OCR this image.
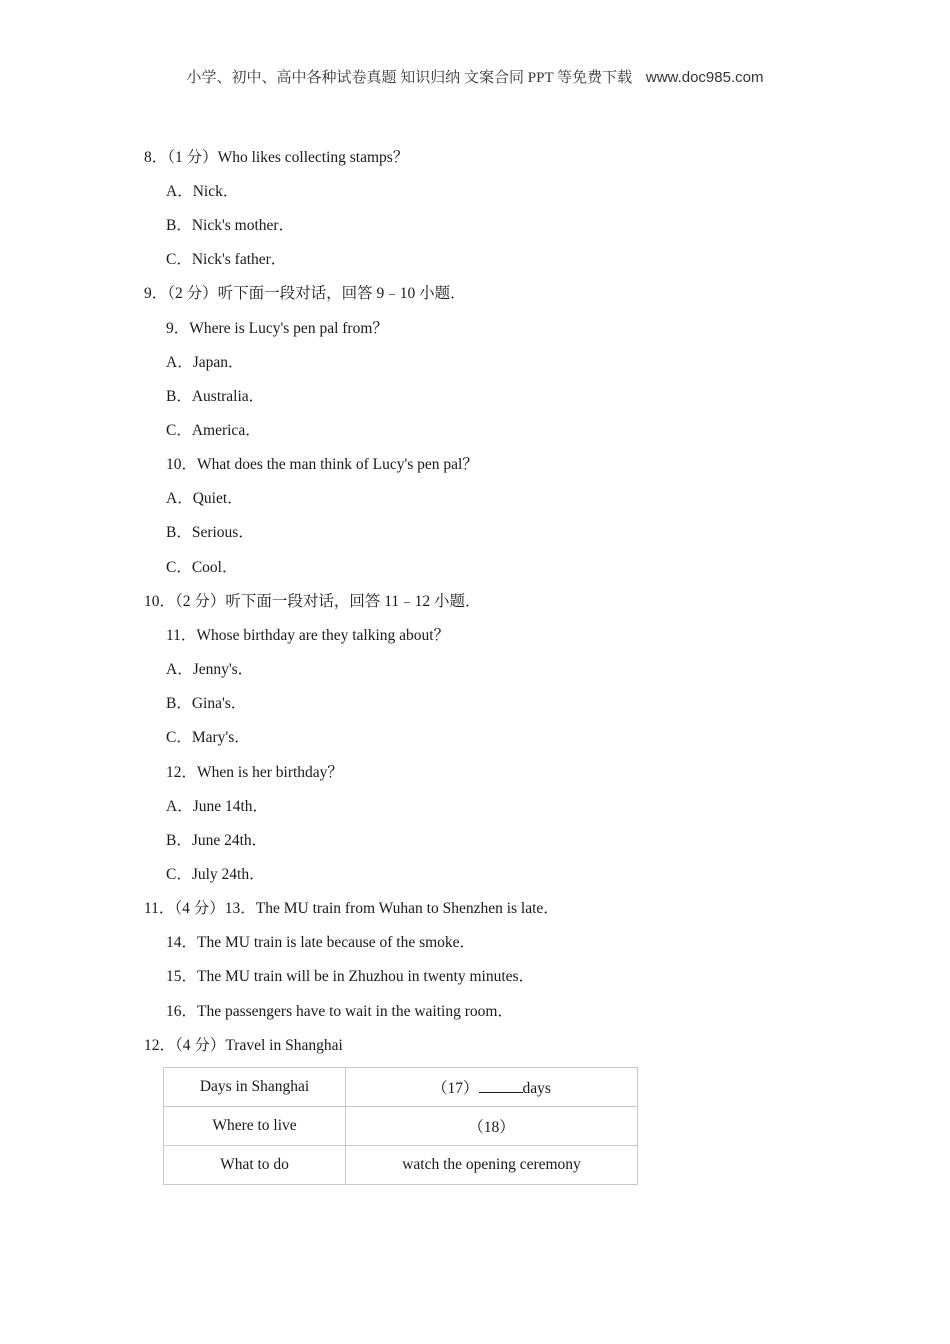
小学、初中、高中各种试卷真题 知识归纳 文案合同 PPT 等免费下载 www.doc985.com
8．（1 分）Who likes collecting stamps？
A．Nick．
B．Nick's mother．
C．Nick's father．
9．（2 分）听下面一段对话，回答 9﹣10 小题．
9．Where is Lucy's pen pal from？
A．Japan．
B．Australia．
C．America．
10．What does the man think of Lucy's pen pal？
A．Quiet．
B．Serious．
C．Cool．
10．（2 分）听下面一段对话，回答 11﹣12 小题．
11．Whose birthday are they talking about？
A．Jenny's．
B．Gina's．
C．Mary's．
12．When is her birthday？
A．June 14th．
B．June 24th．
C．July 24th．
11．（4 分）13．The MU train from Wuhan to Shenzhen is late．
14．The MU train is late because of the smoke．
15．The MU train will be in Zhuzhou in twenty minutes．
16．The passengers have to wait in the waiting room．
12．（4 分）Travel in Shanghai
Days in Shanghai	（17） days
Where to live	（18）
What to do	watch the opening ceremony
